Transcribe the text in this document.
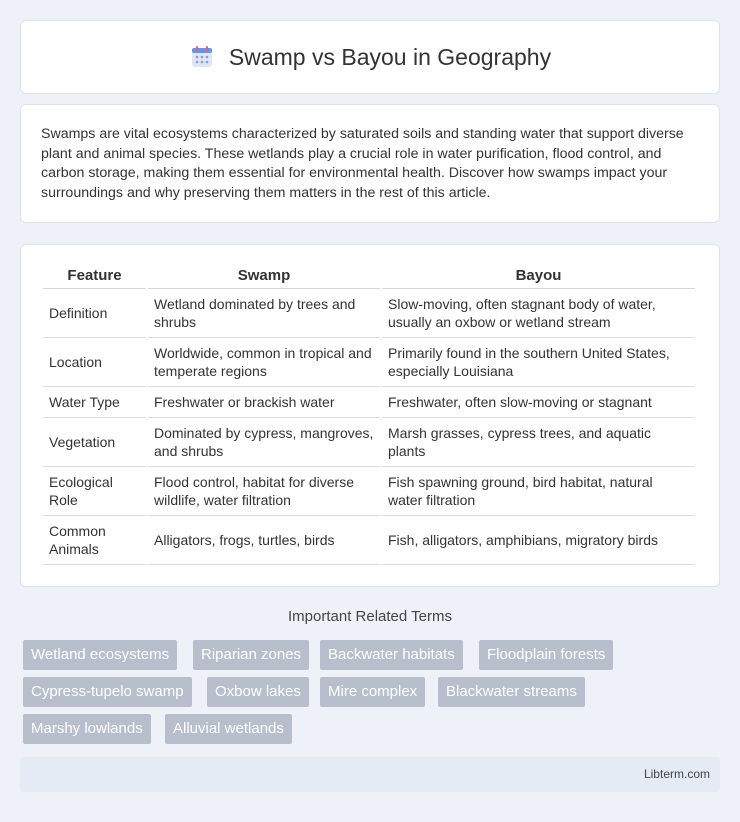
Swamp vs Bayou in Geography

Swamps are vital ecosystems characterized by saturated soils and standing water that support diverse plant and animal species. These wetlands play a crucial role in water purification, flood control, and carbon storage, making them essential for environmental health. Discover how swamps impact your surroundings and why preserving them matters in the rest of this article.

Feature	Swamp	Bayou
Definition	Wetland dominated by trees and shrubs	Slow-moving, often stagnant body of water, usually an oxbow or wetland stream
Location	Worldwide, common in tropical and temperate regions	Primarily found in the southern United States, especially Louisiana
Water Type	Freshwater or brackish water	Freshwater, often slow-moving or stagnant
Vegetation	Dominated by cypress, mangroves, and shrubs	Marsh grasses, cypress trees, and aquatic plants
Ecological Role	Flood control, habitat for diverse wildlife, water filtration	Fish spawning ground, bird habitat, natural water filtration
Common Animals	Alligators, frogs, turtles, birds	Fish, alligators, amphibians, migratory birds
Important Related Terms
Wetland ecosystems	Riparian zones	Backwater habitats	Floodplain forests
Cypress-tupelo swamp	Oxbow lakes	Mire complex	Blackwater streams
Marshy lowlands	Alluvial wetlands
Libterm.com
